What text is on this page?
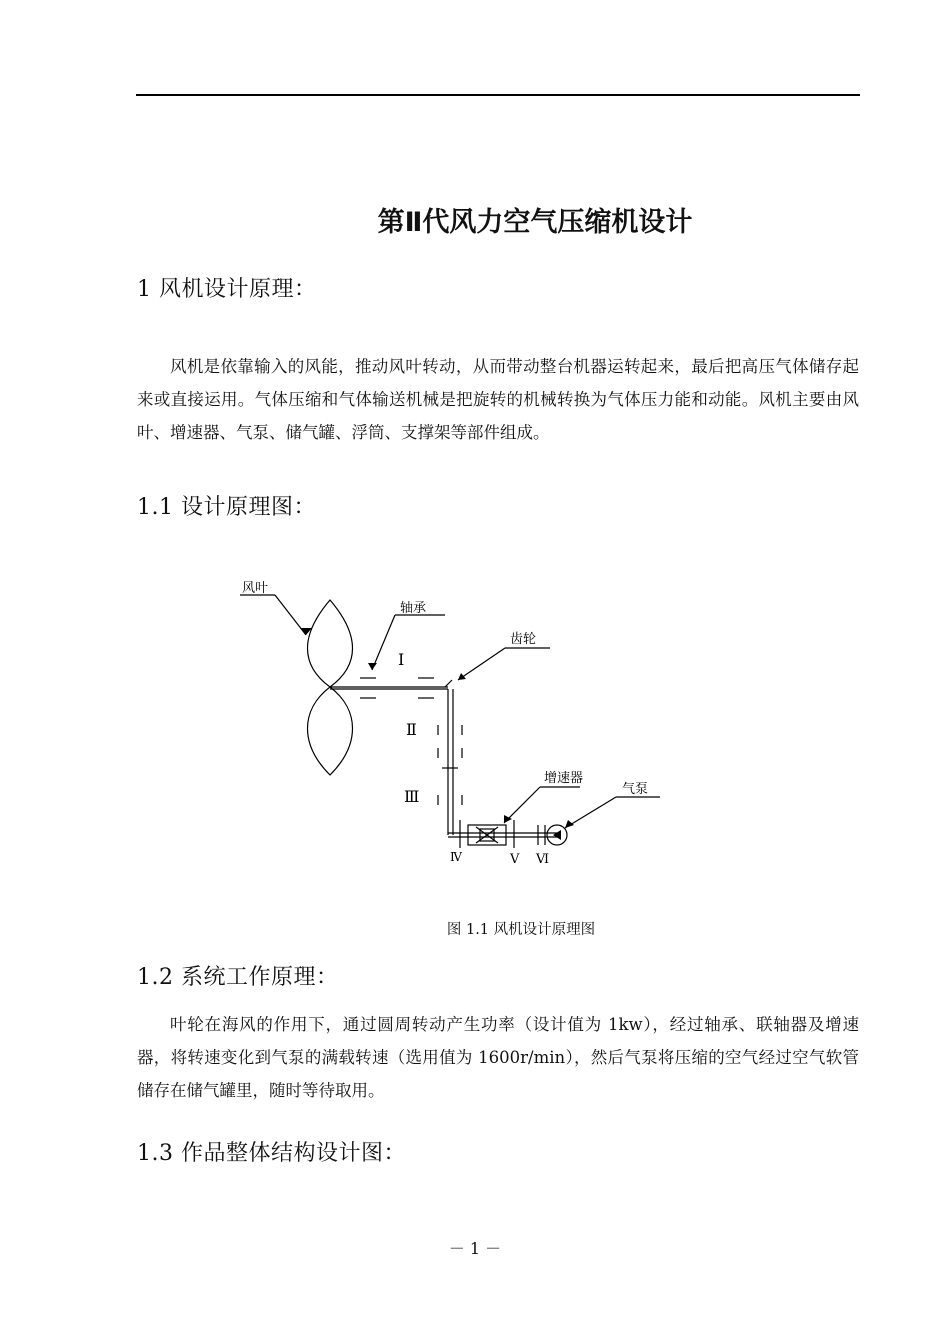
第Ⅱ代风力空气压缩机设计
1 风机设计原理：
风机是依靠输入的风能，推动风叶转动，从而带动整台机器运转起来，最后把高压气体储存起来或直接运用。气体压缩和气体输送机械是把旋转的机械转换为气体压力能和动能。风机主要由风叶、增速器、气泵、储气罐、浮筒、支撑架等部件组成。
1.1 设计原理图：
风叶
轴承
齿轮
增速器
气泵
Ⅰ
Ⅱ
Ⅲ
Ⅳ	Ⅴ Ⅵ
图 1.1 风机设计原理图
1.2 系统工作原理：
叶轮在海风的作用下，通过圆周转动产生功率（设计值为 1kw），经过轴承、联轴器及增速器，将转速变化到气泵的满载转速（选用值为 1600r/min），然后气泵将压缩的空气经过空气软管储存在储气罐里，随时等待取用。
1.3 作品整体结构设计图：
－ 1 －
